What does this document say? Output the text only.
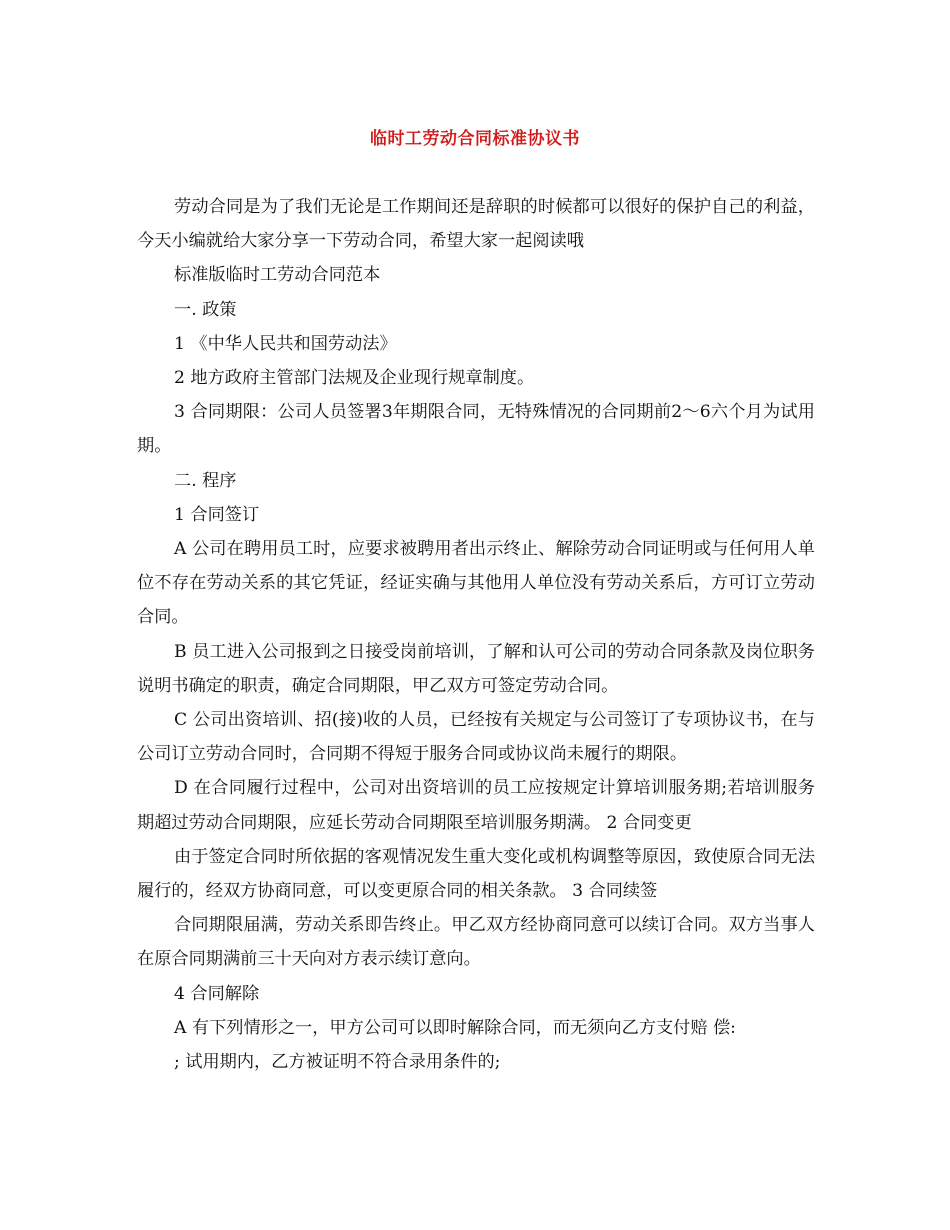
临时工劳动合同标准协议书

劳动合同是为了我们无论是工作期间还是辞职的时候都可以很好的保护自己的利益，今天小编就给大家分享一下劳动合同，希望大家一起阅读哦

标准版临时工劳动合同范本

一. 政策

1 《中华人民共和国劳动法》

2 地方政府主管部门法规及企业现行规章制度。

3 合同期限：公司人员签署3年期限合同，无特殊情况的合同期前2～6六个月为试用期。

二. 程序

1 合同签订

A 公司在聘用员工时，应要求被聘用者出示终止、解除劳动合同证明或与任何用人单位不存在劳动关系的其它凭证，经证实确与其他用人单位没有劳动关系后，方可订立劳动合同。

B 员工进入公司报到之日接受岗前培训，了解和认可公司的劳动合同条款及岗位职务说明书确定的职责，确定合同期限，甲乙双方可签定劳动合同。

C 公司出资培训、招(接)收的人员，已经按有关规定与公司签订了专项协议书，在与公司订立劳动合同时，合同期不得短于服务合同或协议尚未履行的期限。

D 在合同履行过程中，公司对出资培训的员工应按规定计算培训服务期;若培训服务期超过劳动合同期限，应延长劳动合同期限至培训服务期满。 2 合同变更

由于签定合同时所依据的客观情况发生重大变化或机构调整等原因，致使原合同无法履行的，经双方协商同意，可以变更原合同的相关条款。 3 合同续签

合同期限届满，劳动关系即告终止。甲乙双方经协商同意可以续订合同。双方当事人在原合同期满前三十天向对方表示续订意向。

4 合同解除

A 有下列情形之一，甲方公司可以即时解除合同，而无须向乙方支付赔 偿:

; 试用期内，乙方被证明不符合录用条件的;
